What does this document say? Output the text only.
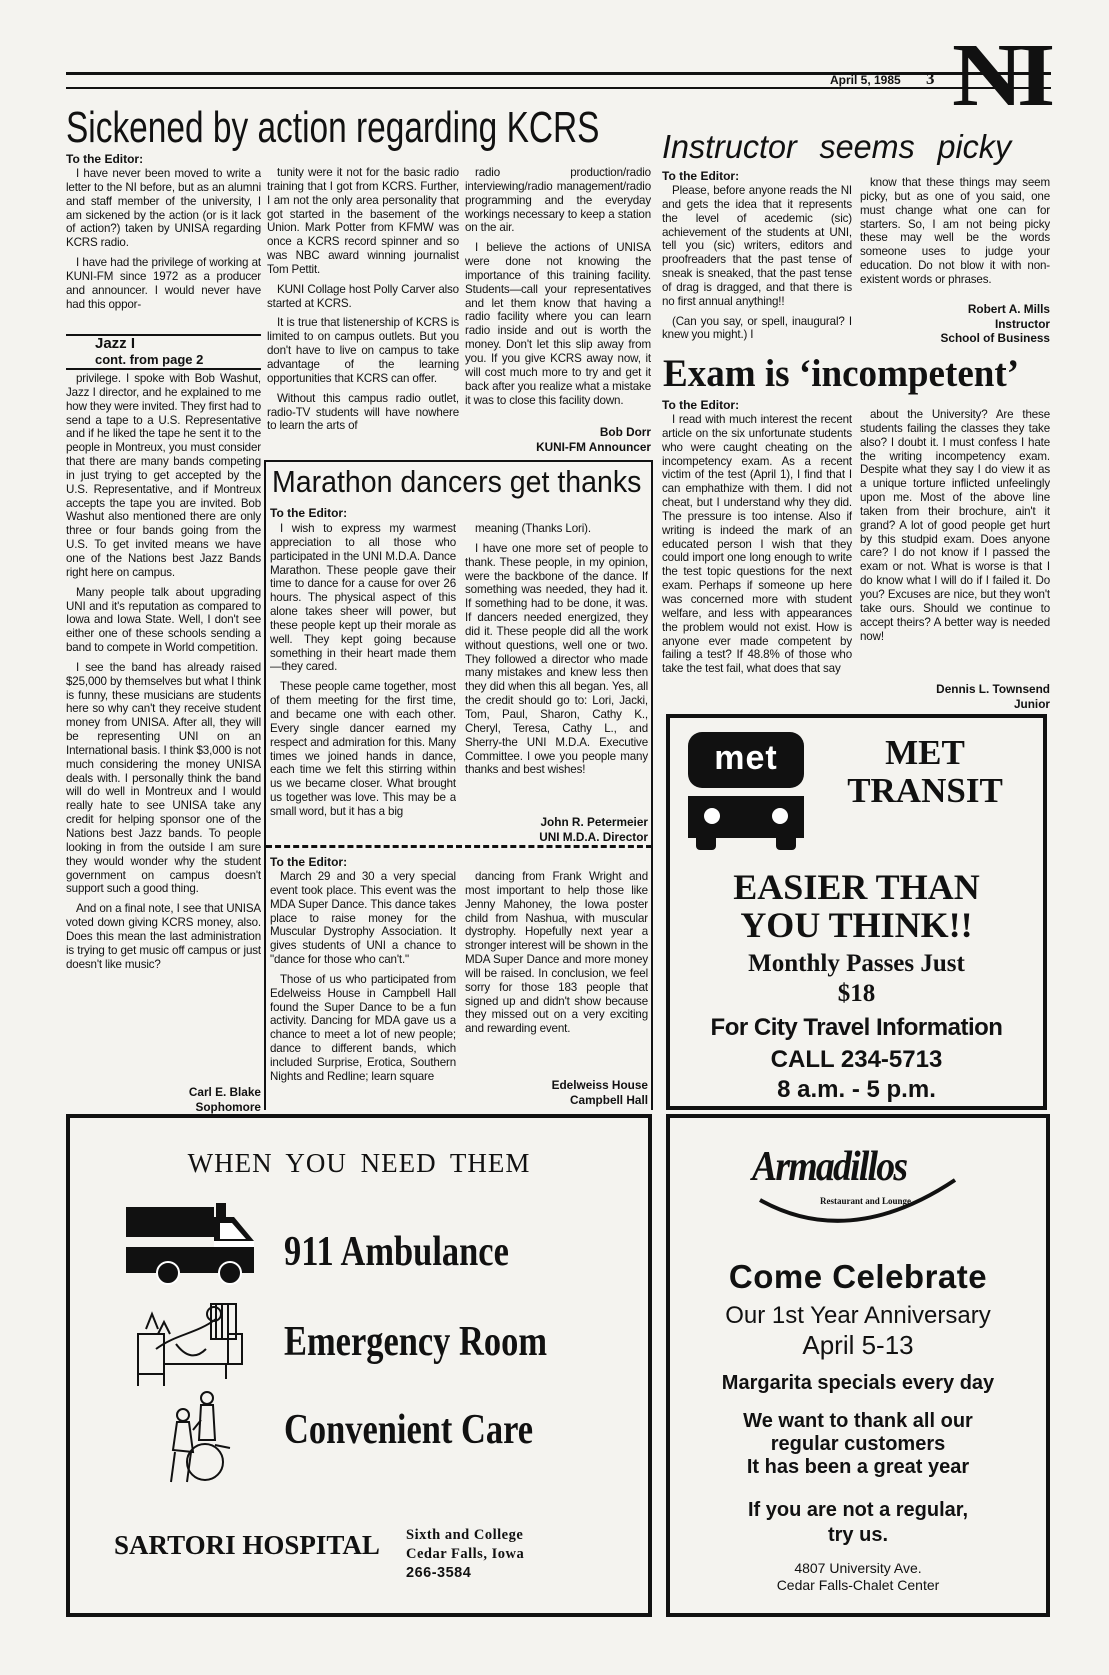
April 5, 1985 3 NI
Sickened by action regarding KCRS
To the Editor:

I have never been moved to write a letter to the NI before, but as an alumni and staff member of the university, I am sickened by the action (or is it lack of action?) taken by UNISA regarding KCRS radio.

I have had the privilege of working at KUNI-FM since 1972 as a producer and announcer. I would never have had this oppor-

tunity were it not for the basic radio training that I got from KCRS. Further, I am not the only area personality that got started in the basement of the Union. Mark Potter from KFMW was once a KCRS record spinner and so was NBC award winning journalist Tom Pettit.

KUNI Collage host Polly Carver also started at KCRS.

It is true that listenership of KCRS is limited to on campus outlets. But you don't have to live on campus to take advantage of the learning opportunities that KCRS can offer.

Without this campus radio outlet, radio-TV students will have nowhere to learn the arts of

radio production/radio interviewing/radio management/radio programming and the everyday workings necessary to keep a station on the air.

I believe the actions of UNISA were done not knowing the importance of this training facility. Students—call your representatives and let them know that having a radio facility where you can learn radio inside and out is worth the money. Don't let this slip away from you. If you give KCRS away now, it will cost much more to try and get it back after you realize what a mistake it was to close this facility down.

Bob Dorr
KUNI-FM Announcer
Jazz I
cont. from page 2

privilege. I spoke with Bob Washut, Jazz I director, and he explained to me how they were invited. They first had to send a tape to a U.S. Representative and if he liked the tape he sent it to the people in Montreux, you must consider that there are many bands competing in just trying to get accepted by the U.S. Representative, and if Montreux accepts the tape you are invited. Bob Washut also mentioned there are only three or four bands going from the U.S. To get invited means we have one of the Nations best Jazz Bands right here on campus.

Many people talk about upgrading UNI and it's reputation as compared to Iowa and Iowa State. Well, I don't see either one of these schools sending a band to compete in World competition.

I see the band has already raised $25,000 by themselves but what I think is funny, these musicians are students here so why can't they receive student money from UNISA. After all, they will be representing UNI on an International basis. I think $3,000 is not much considering the money UNISA deals with. I personally think the band will do well in Montreux and I would really hate to see UNISA take any credit for helping sponsor one of the Nations best Jazz bands. To people looking in from the outside I am sure they would wonder why the student government on campus doesn't support such a good thing.

And on a final note, I see that UNISA voted down giving KCRS money, also. Does this mean the last administration is trying to get music off campus or just doesn't like music?

Carl E. Blake
Sophomore
Marathon dancers get thanks
To the Editor:

I wish to express my warmest appreciation to all those who participated in the UNI M.D.A. Dance Marathon. These people gave their time to dance for a cause for over 26 hours. The physical aspect of this alone takes sheer will power, but these people kept up their morale as well. They kept going because something in their heart made them—they cared.

These people came together, most of them meeting for the first time, and became one with each other. Every single dancer earned my respect and admiration for this. Many times we joined hands in dance, each time we felt this stirring within us we became closer. What brought us together was love. This may be a small word, but it has a big

meaning (Thanks Lori).

I have one more set of people to thank. These people, in my opinion, were the backbone of the dance. If something was needed, they had it. If something had to be done, it was. If dancers needed energized, they did it. These people did all the work without questions, well one or two. They followed a director who made many mistakes and knew less then they did when this all began. Yes, all the credit should go to: Lori, Jacki, Tom, Paul, Sharon, Cathy K., Cheryl, Teresa, Cathy L., and Sherry-the UNI M.D.A. Executive Committee. I owe you people many thanks and best wishes!

John R. Petermeier
UNI M.D.A. Director
To the Editor:

March 29 and 30 a very special event took place. This event was the MDA Super Dance. This dance takes place to raise money for the Muscular Dystrophy Association. It gives students of UNI a chance to "dance for those who can't."

Those of us who participated from Edelweiss House in Campbell Hall found the Super Dance to be a fun activity. Dancing for MDA gave us a chance to meet a lot of new people; dance to different bands, which included Surprise, Erotica, Southern Nights and Redline; learn square

dancing from Frank Wright and most important to help those like Jenny Mahoney, the Iowa poster child from Nashua, with muscular dystrophy. Hopefully next year a stronger interest will be shown in the MDA Super Dance and more money will be raised. In conclusion, we feel sorry for those 183 people that signed up and didn't show because they missed out on a very exciting and rewarding event.

Edelweiss House
Campbell Hall
Instructor seems picky
To the Editor:

Please, before anyone reads the NI and gets the idea that it represents the level of acedemic (sic) achievement of the students at UNI, tell you (sic) writers, editors and proofreaders that the past tense of sneak is sneaked, that the past tense of drag is dragged, and that there is no first annual anything!!

(Can you say, or spell, inaugural? I knew you might.) I

know that these things may seem picky, but as one of you said, one must change what one can for starters. So, I am not being picky these may well be the words someone uses to judge your education. Do not blow it with non-existent words or phrases.

Robert A. Mills
Instructor
School of Business
Exam is ‘incompetent’
To the Editor:

I read with much interest the recent article on the six unfortunate students who were caught cheating on the incompetency exam. As a recent victim of the test (April 1), I find that I can emphathize with them. I did not cheat, but I understand why they did. The pressure is too intense. Also if writing is indeed the mark of an educated person I wish that they could import one long enough to write the test topic questions for the next exam. Perhaps if someone up here was concerned more with student welfare, and less with appearances the problem would not exist. How is anyone ever made competent by failing a test? If 48.8% of those who take the test fail, what does that say

about the University? Are these students failing the classes they take also? I doubt it. I must confess I hate the writing incompetency exam. Despite what they say I do view it as a unique torture inflicted unfeelingly upon me. Most of the above line taken from their brochure, ain't it grand? A lot of good people get hurt by this studpid exam. Does anyone care? I do not know if I passed the exam or not. What is worse is that I do know what I will do if I failed it. Do you? Excuses are nice, but they won't take ours. Should we continue to accept theirs? A better way is needed now!

Dennis L. Townsend
Junior
met	MET
TRANSIT
EASIER THAN
YOU THINK!!
Monthly Passes Just
$18
For City Travel Information
CALL 234-5713
8 a.m. - 5 p.m.
WHEN YOU NEED THEM
911 Ambulance
Emergency Room
Convenient Care
SARTORI HOSPITAL Sixth and College
Cedar Falls, Iowa
266-3584
Armadillos
Restaurant and Lounge
Come Celebrate
Our 1st Year Anniversary
April 5-13
Margarita specials every day
We want to thank all our
regular customers
It has been a great year
If you are not a regular,
try us.
4807 University Ave.
Cedar Falls-Chalet Center
